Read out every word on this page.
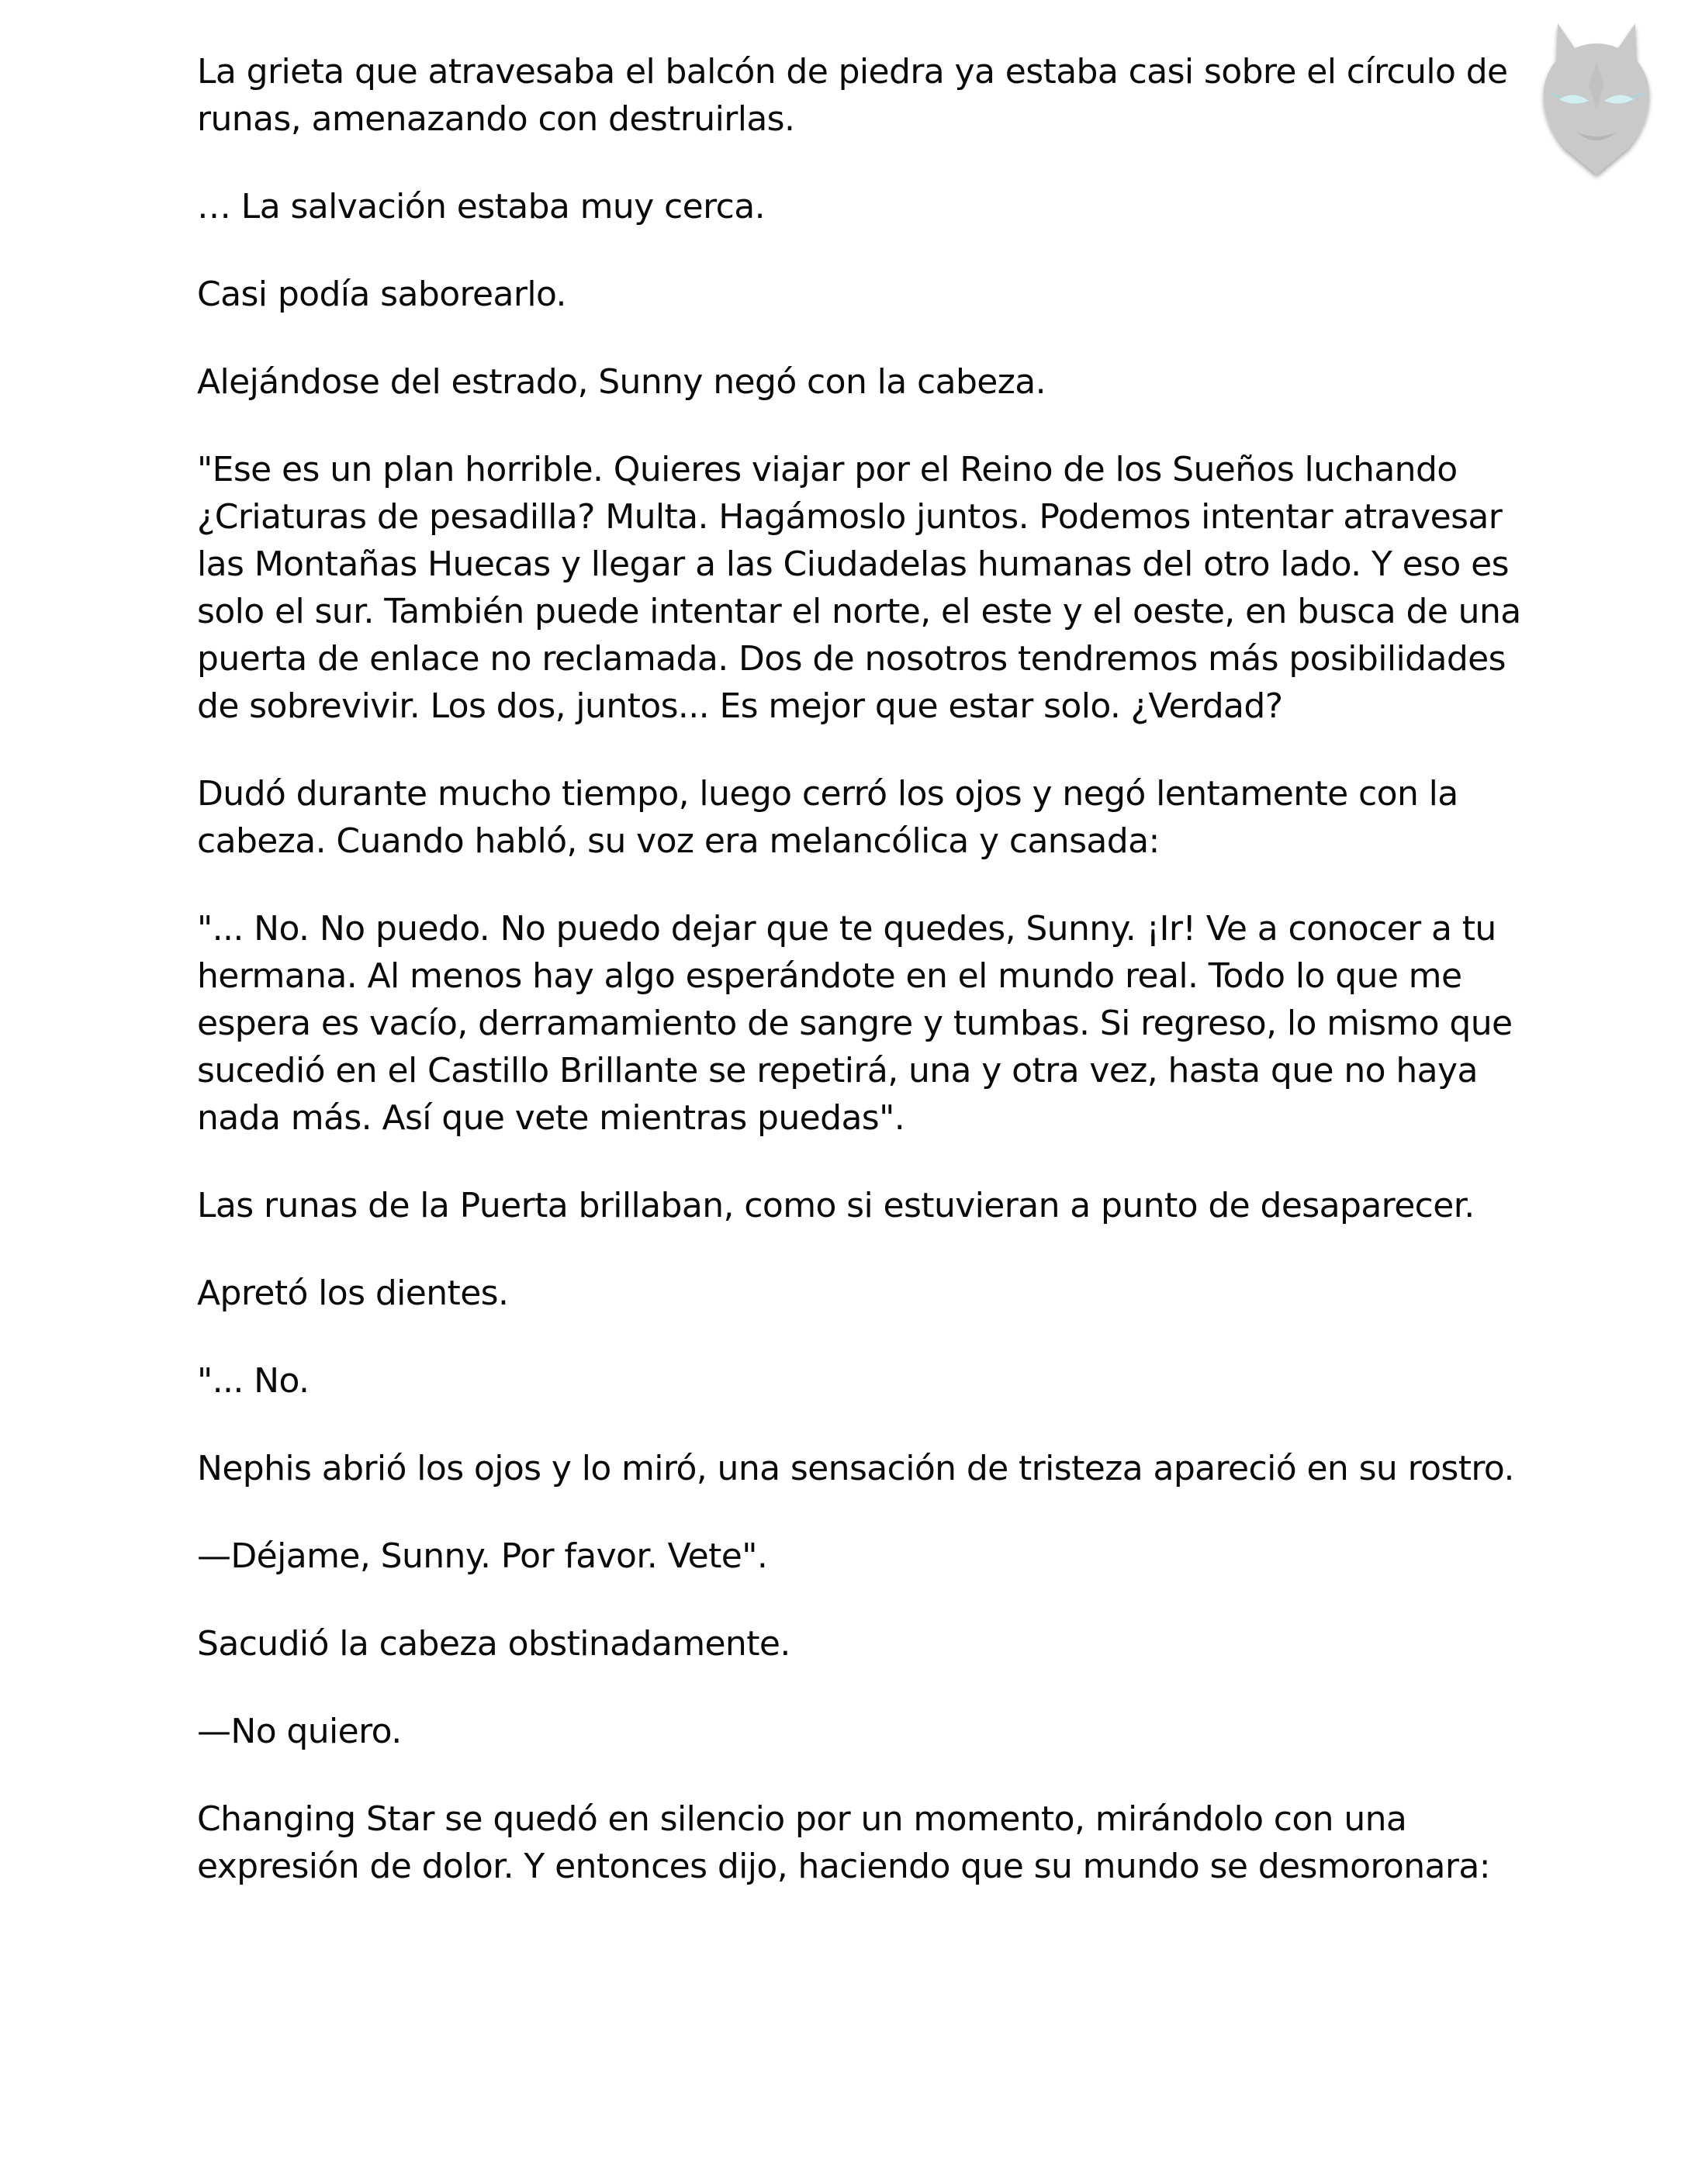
La grieta que atravesaba el balcón de piedra ya estaba casi sobre el círculo de runas, amenazando con destruirlas.

… La salvación estaba muy cerca.

Casi podía saborearlo.

Alejándose del estrado, Sunny negó con la cabeza.

"Ese es un plan horrible. Quieres viajar por el Reino de los Sueños luchando ¿Criaturas de pesadilla? Multa. Hagámoslo juntos. Podemos intentar atravesar las Montañas Huecas y llegar a las Ciudadelas humanas del otro lado. Y eso es solo el sur. También puede intentar el norte, el este y el oeste, en busca de una puerta de enlace no reclamada. Dos de nosotros tendremos más posibilidades de sobrevivir. Los dos, juntos... Es mejor que estar solo. ¿Verdad?

Dudó durante mucho tiempo, luego cerró los ojos y negó lentamente con la cabeza. Cuando habló, su voz era melancólica y cansada:

"... No. No puedo. No puedo dejar que te quedes, Sunny. ¡Ir! Ve a conocer a tu hermana. Al menos hay algo esperándote en el mundo real. Todo lo que me espera es vacío, derramamiento de sangre y tumbas. Si regreso, lo mismo que sucedió en el Castillo Brillante se repetirá, una y otra vez, hasta que no haya nada más. Así que vete mientras puedas".

Las runas de la Puerta brillaban, como si estuvieran a punto de desaparecer.

Apretó los dientes.

"... No.

Nephis abrió los ojos y lo miró, una sensación de tristeza apareció en su rostro.

—Déjame, Sunny. Por favor. Vete".

Sacudió la cabeza obstinadamente.

—No quiero.

Changing Star se quedó en silencio por un momento, mirándolo con una expresión de dolor. Y entonces dijo, haciendo que su mundo se desmoronara:
